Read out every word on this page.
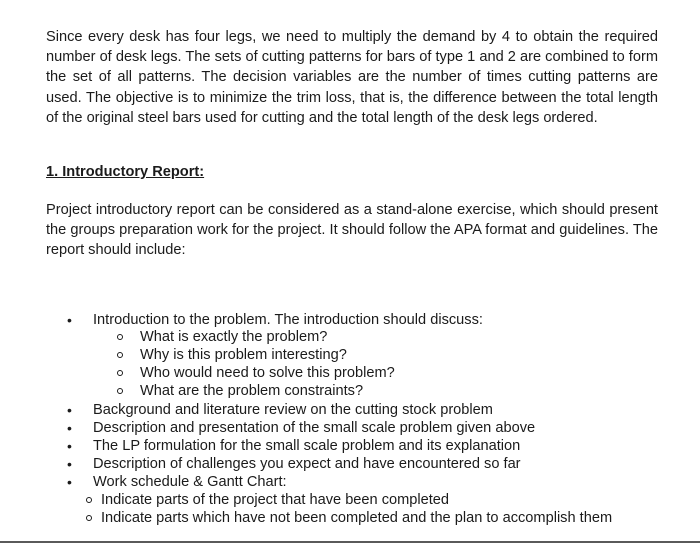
Since every desk has four legs, we need to multiply the demand by 4 to obtain the required number of desk legs. The sets of cutting patterns for bars of type 1 and 2 are combined to form the set of all patterns. The decision variables are the number of times cutting patterns are used. The objective is to minimize the trim loss, that is, the difference between the total length of the original steel bars used for cutting and the total length of the desk legs ordered.

1. Introductory Report:

Project introductory report can be considered as a stand-alone exercise, which should present the groups preparation work for the project. It should follow the APA format and guidelines. The report should include:

• Introduction to the problem. The introduction should discuss:
What is exactly the problem?
Why is this problem interesting?
Who would need to solve this problem?
What are the problem constraints?
• Background and literature review on the cutting stock problem
• Description and presentation of the small scale problem given above
• The LP formulation for the small scale problem and its explanation
• Description of challenges you expect and have encountered so far
• Work schedule & Gantt Chart:
Indicate parts of the project that have been completed
Indicate parts which have not been completed and the plan to accomplish them
